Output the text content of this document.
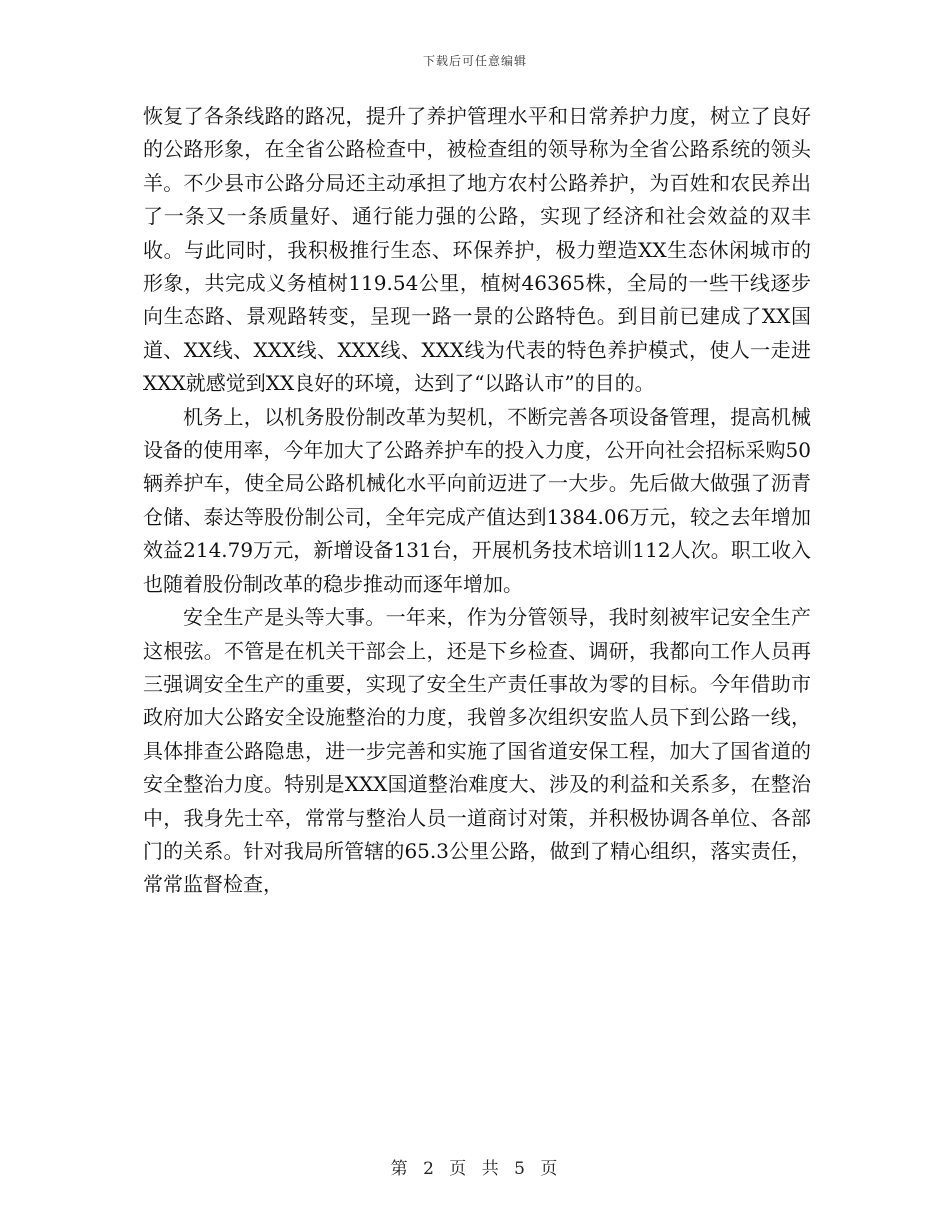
下载后可任意编辑

恢复了各条线路的路况，提升了养护管理水平和日常养护力度，树立了良好的公路形象，在全省公路检查中，被检查组的领导称为全省公路系统的领头羊。不少县市公路分局还主动承担了地方农村公路养护，为百姓和农民养出了一条又一条质量好、通行能力强的公路，实现了经济和社会效益的双丰收。与此同时，我积极推行生态、环保养护，极力塑造XX生态休闲城市的形象，共完成义务植树119.54公里，植树46365株，全局的一些干线逐步向生态路、景观路转变，呈现一路一景的公路特色。到目前已建成了XX国道、XX线、XXX线、XXX线、XXX线为代表的特色养护模式，使人一走进XXX就感觉到XX良好的环境，达到了“以路认市”的目的。

机务上，以机务股份制改革为契机，不断完善各项设备管理，提高机械设备的使用率，今年加大了公路养护车的投入力度，公开向社会招标采购50辆养护车，使全局公路机械化水平向前迈进了一大步。先后做大做强了沥青仓储、泰达等股份制公司，全年完成产值达到1384.06万元，较之去年增加效益214.79万元，新增设备131台，开展机务技术培训112人次。职工收入也随着股份制改革的稳步推动而逐年增加。

安全生产是头等大事。一年来，作为分管领导，我时刻被牢记安全生产这根弦。不管是在机关干部会上，还是下乡检查、调研，我都向工作人员再三强调安全生产的重要，实现了安全生产责任事故为零的目标。今年借助市政府加大公路安全设施整治的力度，我曾多次组织安监人员下到公路一线，具体排查公路隐患，进一步完善和实施了国省道安保工程，加大了国省道的安全整治力度。特别是XXX国道整治难度大、涉及的利益和关系多，在整治中，我身先士卒，常常与整治人员一道商讨对策，并积极协调各单位、各部门的关系。针对我局所管辖的65.3公里公路，做到了精心组织，落实责任，常常监督检查，

第 2 页 共 5 页
